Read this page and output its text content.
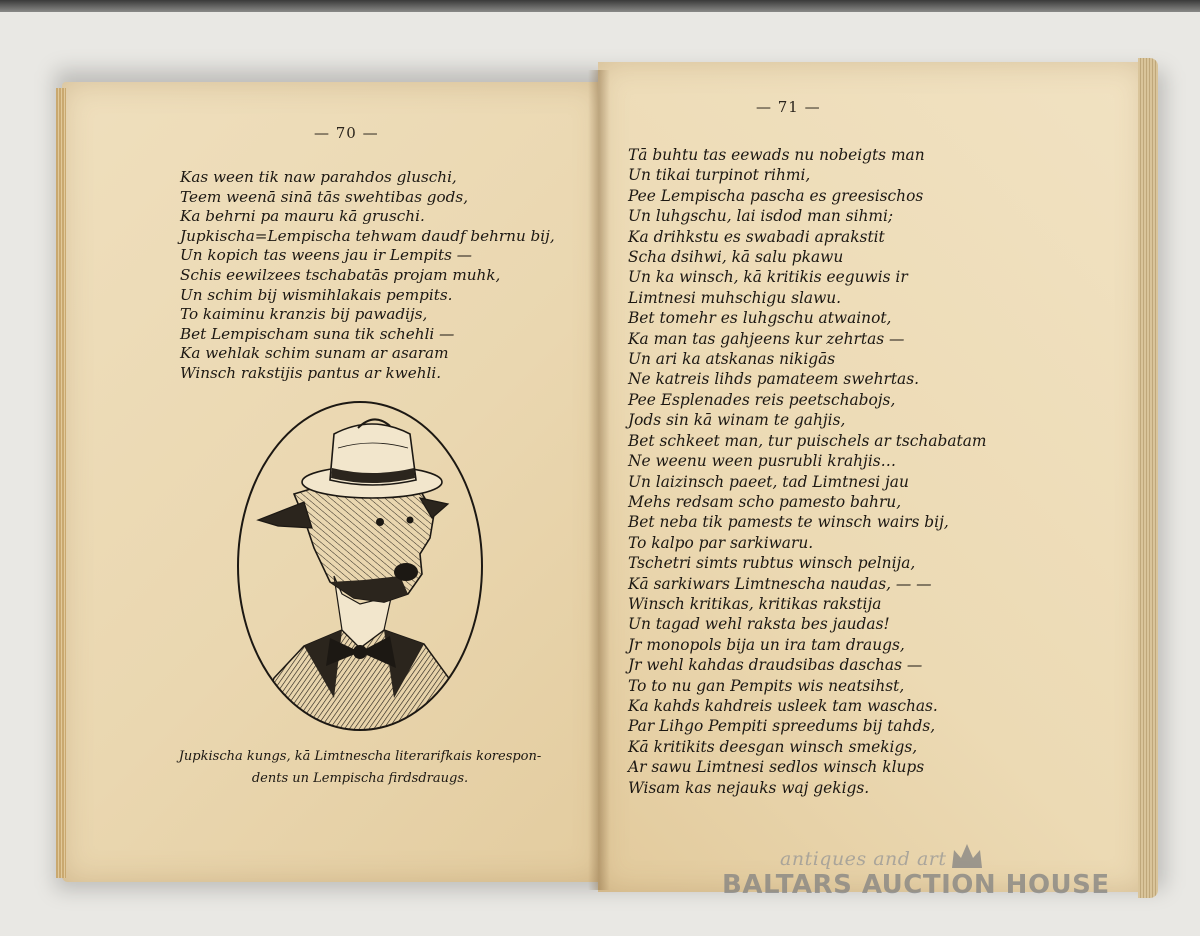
— 70 —
— 71 —
Kas ween tik naw parahdos gluschi,
Teem weenā sinā tās swehtibas gods,
Ka behrni pa mauru kā gruschi.
Jupkischa=Lempischa tehwam daudf behrnu bij,
Un kopich tas weens jau ir Lempits —
Schis eewilzees tschabatās projam muhk,
Un schim bij wismihlakais pempits.
To kaiminu kranzis bij pawadijs,
Bet Lempischam suna tik schehli —
Ka wehlak schim sunam ar asaram
Winsch rakstijis pantus ar kwehli.
Jupkischa kungs, kā Limtnescha literarifkais korespon-
dents un Lempischa firdsdraugs.
Tā buhtu tas eewads nu nobeigts man
Un tikai turpinot rihmi,
Pee Lempischa pascha es greesischos
Un luhgschu, lai isdod man sihmi;
Ka drihkstu es swabadi aprakstit
Scha dsihwi, kā salu pkawu
Un ka winsch, kā kritikis eeguwis ir
Limtnesi muhschigu slawu.
Bet tomehr es luhgschu atwainot,
Ka man tas gahjeens kur zehrtas —
Un ari ka atskanas nikigās
Ne katreis lihds pamateem swehrtas.
Pee Esplenades reis peetschabojs,
Jods sin kā winam te gahjis,
Bet schkeet man, tur puischels ar tschabatam
Ne weenu ween pusrubli krahjis…
Un laizinsch paeet, tad Limtnesi jau
Mehs redsam scho pamesto bahru,
Bet neba tik pamests te winsch wairs bij,
To kalpo par sarkiwaru.
Tschetri simts rubtus winsch pelnija,
Kā sarkiwars Limtnescha naudas, — —
Winsch kritikas, kritikas rakstija
Un tagad wehl raksta bes jaudas!
Jr monopols bija un ira tam draugs,
Jr wehl kahdas draudsibas daschas —
To to nu gan Pempits wis neatsihst,
Ka kahds kahdreis usleek tam waschas.
Par Lihgo Pempiti spreedums bij tahds,
Kā kritikits deesgan winsch smekigs,
Ar sawu Limtnesi sedlos winsch klups
Wisam kas nejauks waj gekigs.
antiques and art
BALTARS AUCTION HOUSE
